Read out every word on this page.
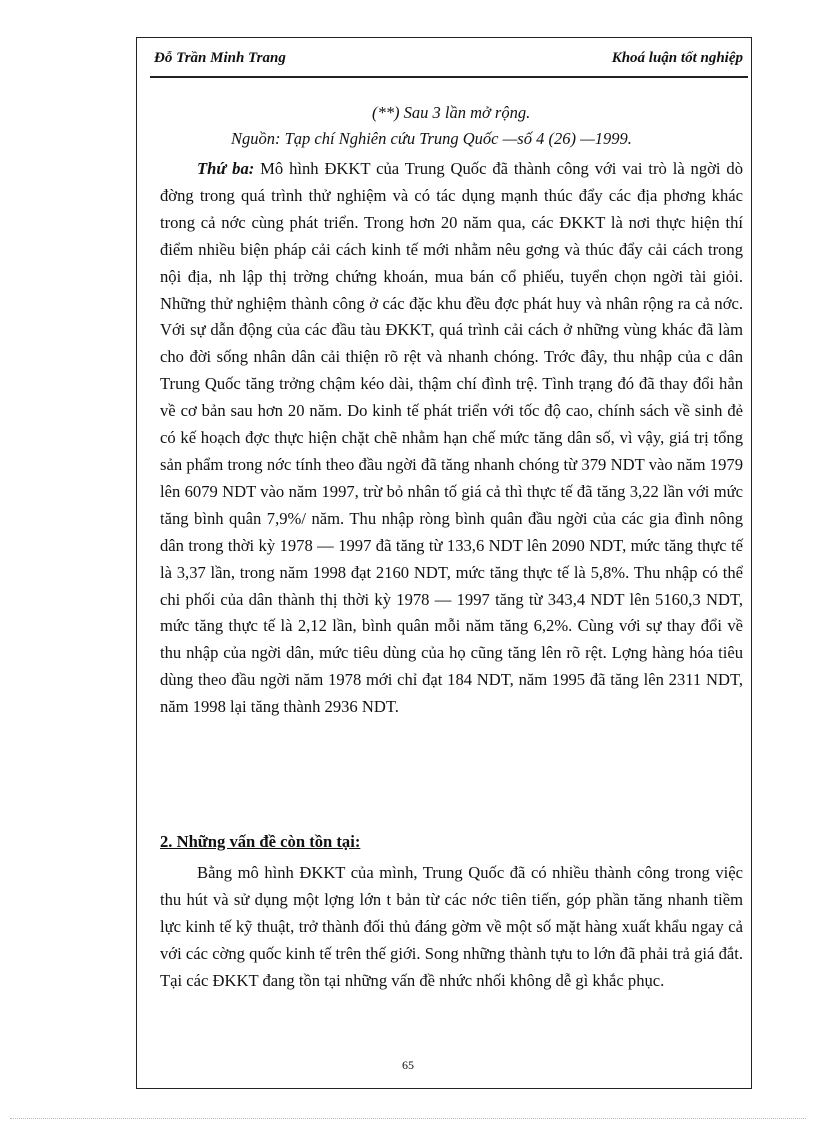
Đỗ Trần Minh Trang	Khoá luận tốt nghiệp
(**) Sau 3 lần mở rộng.
Nguồn: Tạp chí Nghiên cứu Trung Quốc —số 4 (26) —1999.

Thứ ba: Mô hình ĐKKT của Trung Quốc đã thành công với vai trò là ngời dò đờng trong quá trình thử nghiệm và có tác dụng mạnh thúc đẩy các địa phơng khác trong cả nớc cùng phát triển. Trong hơn 20 năm qua, các ĐKKT là nơi thực hiện thí điểm nhiều biện pháp cải cách kinh tế mới nhằm nêu gơng và thúc đẩy cải cách trong nội địa, nh lập thị trờng chứng khoán, mua bán cổ phiếu, tuyển chọn ngời tài giỏi. Những thử nghiệm thành công ở các đặc khu đều đợc phát huy và nhân rộng ra cả nớc. Với sự dẫn động của các đầu tàu ĐKKT, quá trình cải cách ở những vùng khác đã làm cho đời sống nhân dân cải thiện rõ rệt và nhanh chóng. Trớc đây, thu nhập của c dân Trung Quốc tăng trởng chậm kéo dài, thậm chí đình trệ. Tình trạng đó đã thay đổi hẳn về cơ bản sau hơn 20 năm. Do kinh tế phát triển với tốc độ cao, chính sách về sinh đẻ có kế hoạch đợc thực hiện chặt chẽ nhằm hạn chế mức tăng dân số, vì vậy, giá trị tổng sản phẩm trong nớc tính theo đầu ngời đã tăng nhanh chóng từ 379 NDT vào năm 1979 lên 6079 NDT vào năm 1997, trừ bỏ nhân tố giá cả thì thực tế đã tăng 3,22 lần với mức tăng bình quân 7,9%/ năm. Thu nhập ròng bình quân đầu ngời của các gia đình nông dân trong thời kỳ 1978 — 1997 đã tăng từ 133,6 NDT lên 2090 NDT, mức tăng thực tế là 3,37 lần, trong năm 1998 đạt 2160 NDT, mức tăng thực tế là 5,8%. Thu nhập có thể chi phối của dân thành thị thời kỳ 1978 — 1997 tăng từ 343,4 NDT lên 5160,3 NDT, mức tăng thực tế là 2,12 lần, bình quân mỗi năm tăng 6,2%. Cùng với sự thay đổi về thu nhập của ngời dân, mức tiêu dùng của họ cũng tăng lên rõ rệt. Lợng hàng hóa tiêu dùng theo đầu ngời năm 1978 mới chỉ đạt 184 NDT, năm 1995 đã tăng lên 2311 NDT, năm 1998 lại tăng thành 2936 NDT.

2. Những vấn đề còn tồn tại:

Bằng mô hình ĐKKT của mình, Trung Quốc đã có nhiều thành công trong việc thu hút và sử dụng một lợng lớn t bản từ các nớc tiên tiến, góp phần tăng nhanh tiềm lực kinh tế kỹ thuật, trở thành đối thủ đáng gờm về một số mặt hàng xuất khẩu ngay cả với các cờng quốc kinh tế trên thế giới. Song những thành tựu to lớn đã phải trả giá đắt. Tại các ĐKKT đang tồn tại những vấn đề nhức nhối không dễ gì khắc phục.

65
